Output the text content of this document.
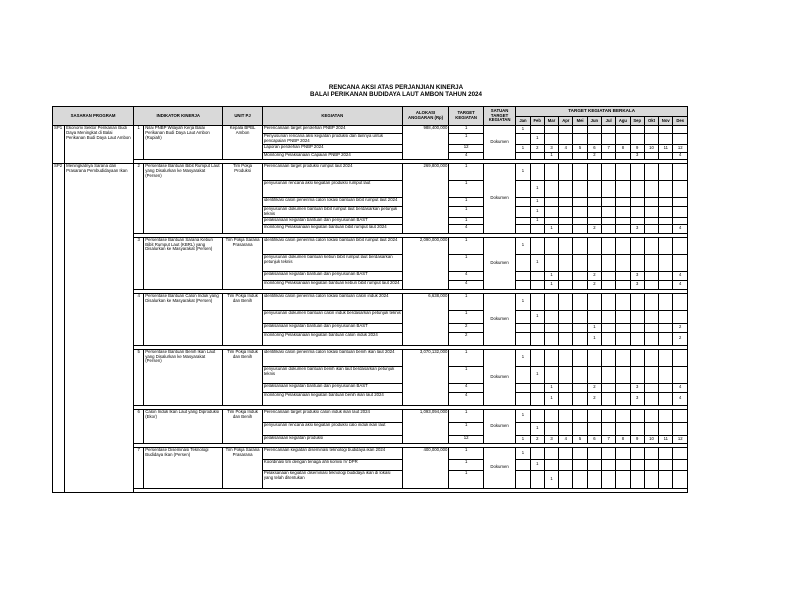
RENCANA AKSI ATAS PERJANJIAN KINERJA
BALAI PERIKANAN BUDIDAYA LAUT AMBON TAHUN 2024
SASARAN PROGRAM		INDIKATOR KINERJA		UNIT PJ	KEGIATAN	ALOKASI ANGGARAN (Rp)	TARGET KEGIATAN	SATUAN TARGET KEGIATAN	TARGET KEGIATAN BERKALA											
									Jan	Feb	Mar	Apr	Mei	Jun	Jul	Agu	Sep	Okt	Nov	Des
SP1	Ekonomi Sektor Perikanan Budi Daya Meningkat di Balai Perikanan Budi Daya Laut Ambon	1	Nilai PNBP Wilayah Kerja Balai Perikanan Budi Daya Laut Ambon (Rupiah)	Kepala BPBL Ambon	Perencanaan target perolehan PNBP 2024	988,400,000	1	Dokumen	1											
					Penyusunan rencana aksi kegiatan produksi dan lainnya untuk pencapaian PNBP 2024		1			1										
					Laporan perolehan PNBP 2024		12		1	2	3	4	5	6	7	8	9	10	11	12
					Monitoring Pelaksanaan Capaian PNBP 2024		4				1			2			3			4

SP2	Meningkatnya Sarana dan Prasarana Pembudidayaan Ikan	2	Persentase Bantuan Bibit Rumput Laut yang Disalurkan ke Masyarakat (Persen)	Tim Pokja Produksi	Perencanaan target produksi rumput laut 2024	269,800,000	1	Dokumen	1											
					penyusunan rencana aksi kegiatan produksi rumput laut		1			1										
					identifikasi calon penerima calon lokasi bantuan bibit rumput laut 2024		1			1										
					penyusunan dokumen bantuan bibit rumput laut berdasarkan petunjuk teknis		1			1										
					pelaksanaan kegiatan bantuan dan penyusunan BAST		1			1										
					monitoring Pelaksanaan kegiatan bantuan bibit rumput laut 2024		4				1			2			3			4

		3	Persentase Bantuan Sarana Kebun Bibit Rumput Laut (KBRL) yang Disalurkan ke Masyarakat (Persen)	Tim Pokja Sarana Prasarana	identifikasi calon penerima calon lokasi bantuan bibit rumput laut 2024	2,090,000,000	1	Dokumen	1											
					penyusunan dokumen bantuan kebun bibit rumput laut berdasarkan petunjuk teknis		1			1										
					pelaksanaan kegiatan bantuan dan penyusunan BAST		4				1			2			3			4
					monitoring Pelaksanaan kegiatan bantuan kebun bibit rumput laut 2024		4				1			2			3			4

		4	Persentase Bantuan Calon Induk yang Disalurkan ke Masyarakat (Persen)	Tim Pokja Induk dan Benih	identifikasi calon penerima calon lokasi bantuan calon induk 2024	6,638,000	1	Dokumen	1											
					penyusunan dokumen bantuan calon induk berdasarkan petunjuk teknis		1			1										
					pelaksanaan kegiatan bantuan dan penyusunan BAST		2							1						2
					monitoring Pelaksanaan kegiatan bantuan calon induk 2024		2							1						2

		5	Persentase Bantuan Benih Ikan Laut yang Disalurkan ke Masyarakat (Persen)	Tim Pokja Induk dan Benih	identifikasi calon penerima calon lokasi bantuan benih ikan laut 2024	3,070,132,000	1	Dokumen	1											
					penyusunan dokumen bantuan benih ikan laut berdasarkan petunjuk teknis		1			1										
					pelaksanaan kegiatan bantuan dan penyusunan BAST		4				1			2			3			4
					monitoring Pelaksanaan kegiatan bantuan benih ikan laut 2024		4				1			2			3			4

		6	Calon Induk Ikan Laut yang Diproduksi (Ekor)	Tim Pokja Induk dan Benih	Perencanaan target produksi calon induk ikan laut 2024	1,093,094,000	1	Dokumen	1											
					penyusunan rencana aksi kegiatan produksi calo induk ikan laut		1			1										
					pelaksanaan kegiatan produksi		12		1	2	3	4	5	6	7	8	9	10	11	12

		7	Persentase Diseminasi Teknologi Budidaya Ikan (Persen)	Tim Pokja Sarana Prasarana	Perencanaan kegiatan diseminasi teknologi budidaya ikan 2024	400,000,000	1	Dokumen	1											
					Koordinasi tim dengan tenaga ahli komisi IV DPR		1			1										
					Pelaksanaan kegiatan diseminasi teknologi budidaya ikan di lokasi yang telah ditentukan		1				1									
